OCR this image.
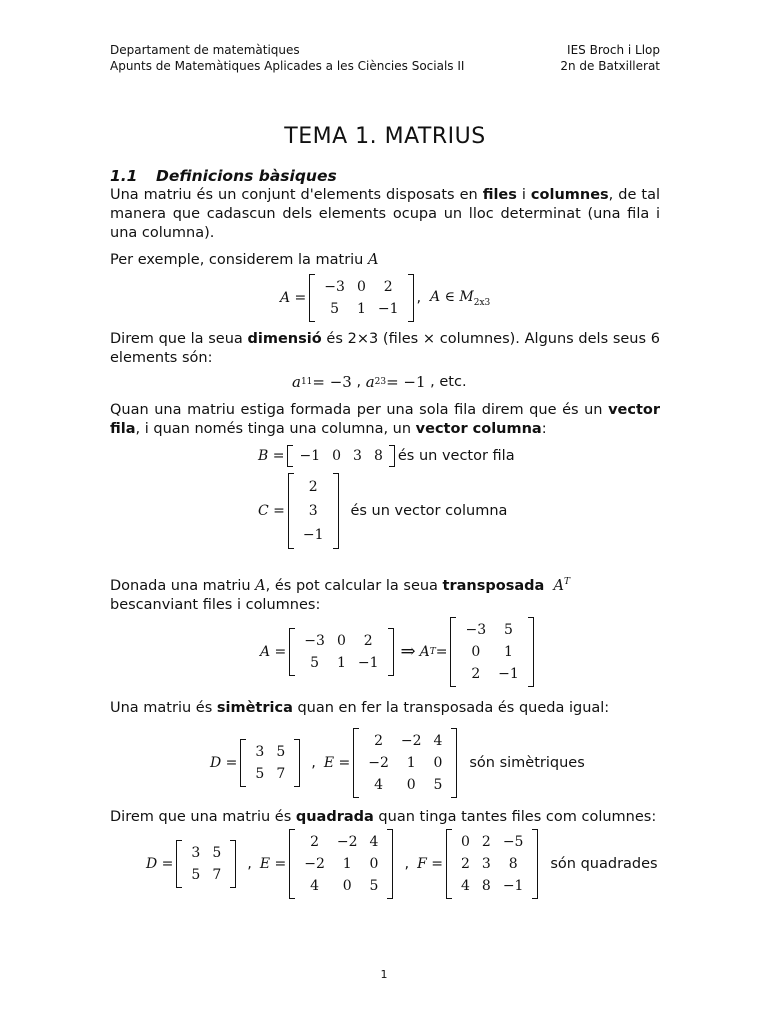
Departament de matemàtiques	IES Broch i Llop
Apunts de Matemàtiques Aplicades a les Ciències Socials II	2n de Batxillerat
TEMA 1. MATRIUS
1.1 Definicions bàsiques

Una matriu és un conjunt d'elements disposats en files i columnes, de tal manera que cadascun dels elements ocupa un lloc determinat (una fila i una columna).

Per exemple, considerem la matriu A

A =
−3	0	2
5	1	−1
,
A ∈ $M_{2x3}$

Direm que la seua dimensió és 2×3 (files × columnes). Alguns dels seus 6 elements són:

a 11 = −3 , a 23 = −1 , etc.

Quan una matriu estiga formada per una sola fila direm que és un vector fila, i quan només tinga una columna, un vector columna:

B = −1	0	3	8 és un vector fila
C =
2
3
−1

és un vector columna

Donada una matriu A, és pot calcular la seua transposada $A^T$
bescanviant files i columnes:

A =
−3	0	2
5	1	−1
⇒ A T =
−3	5
0	1
2	−1

Una matriu és simètrica quan en fer la transposada és queda igual:

D =
3	5
5	7
, E =
2	−2	4
−2	1	0
4	0	5

són simètriques

Direm que una matriu és quadrada quan tinga tantes files com columnes:

D =
3	5
5	7
, E =
2	−2	4
−2	1	0
4	0	5
, F =
0	2	−5
2	3	8
4	8	−1

són quadrades
1
